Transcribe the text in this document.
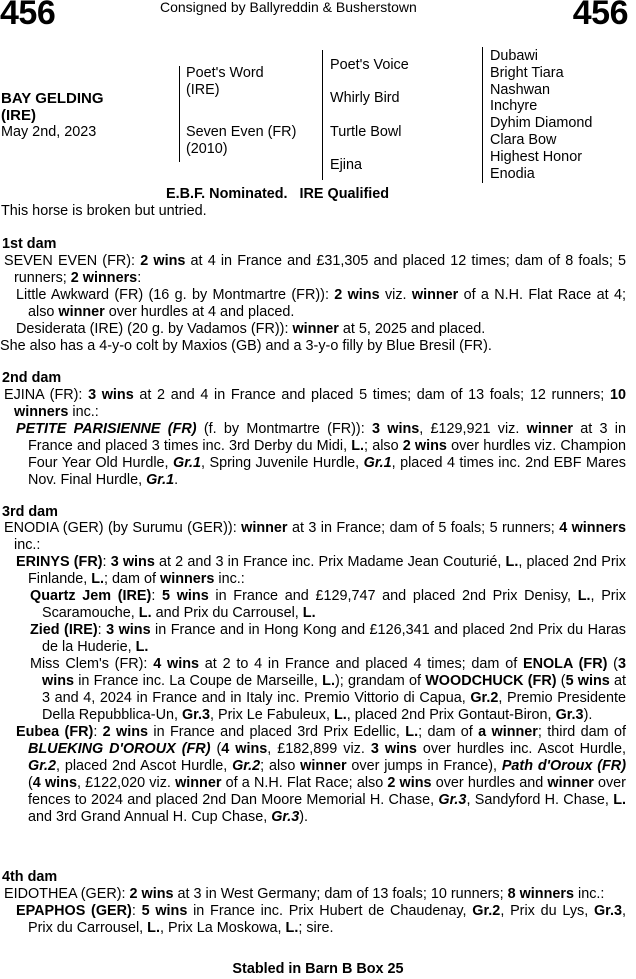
456	Consigned by Ballyreddin & Busherstown	456
BAY GELDING
(IRE)
May 2nd, 2023
Poet's Word
(IRE)
Seven Even (FR)
(2010)
Poet's Voice
Whirly Bird
Turtle Bowl
Ejina
Dubawi
Bright Tiara
Nashwan
Inchyre
Dyhim Diamond
Clara Bow
Highest Honor
Enodia
E.B.F. Nominated.   IRE Qualified
This horse is broken but untried.
1st dam

SEVEN EVEN (FR): 2 wins at 4 in France and £31,305 and placed 12 times; dam of 8 foals; 5 runners; 2 winners:

Little Awkward (FR) (16 g. by Montmartre (FR)): 2 wins viz. winner of a N.H. Flat Race at 4; also winner over hurdles at 4 and placed.

Desiderata (IRE) (20 g. by Vadamos (FR)): winner at 5, 2025 and placed.

She also has a 4-y-o colt by Maxios (GB) and a 3-y-o filly by Blue Bresil (FR).

2nd dam

EJINA (FR): 3 wins at 2 and 4 in France and placed 5 times; dam of 13 foals; 12 runners; 10 winners inc.:

PETITE PARISIENNE (FR) (f. by Montmartre (FR)): 3 wins, £129,921 viz. winner at 3 in France and placed 3 times inc. 3rd Derby du Midi, L.; also 2 wins over hurdles viz. Champion Four Year Old Hurdle, Gr.1, Spring Juvenile Hurdle, Gr.1, placed 4 times inc. 2nd EBF Mares Nov. Final Hurdle, Gr.1.

3rd dam

ENODIA (GER) (by Surumu (GER)): winner at 3 in France; dam of 5 foals; 5 runners; 4 winners inc.:

ERINYS (FR): 3 wins at 2 and 3 in France inc. Prix Madame Jean Couturié, L., placed 2nd Prix Finlande, L.; dam of winners inc.:

Quartz Jem (IRE): 5 wins in France and £129,747 and placed 2nd Prix Denisy, L., Prix Scaramouche, L. and Prix du Carrousel, L.

Zied (IRE): 3 wins in France and in Hong Kong and £126,341 and placed 2nd Prix du Haras de la Huderie, L.

Miss Clem's (FR): 4 wins at 2 to 4 in France and placed 4 times; dam of ENOLA (FR) (3 wins in France inc. La Coupe de Marseille, L.); grandam of WOODCHUCK (FR) (5 wins at 3 and 4, 2024 in France and in Italy inc. Premio Vittorio di Capua, Gr.2, Premio Presidente Della Repubblica-Un, Gr.3, Prix Le Fabuleux, L., placed 2nd Prix Gontaut-Biron, Gr.3).

Eubea (FR): 2 wins in France and placed 3rd Prix Edellic, L.; dam of a winner; third dam of BLUEKING D'OROUX (FR) (4 wins, £182,899 viz. 3 wins over hurdles inc. Ascot Hurdle, Gr.2, placed 2nd Ascot Hurdle, Gr.2; also winner over jumps in France), Path d'Oroux (FR) (4 wins, £122,020 viz. winner of a N.H. Flat Race; also 2 wins over hurdles and winner over fences to 2024 and placed 2nd Dan Moore Memorial H. Chase, Gr.3, Sandyford H. Chase, L. and 3rd Grand Annual H. Cup Chase, Gr.3).

4th dam

EIDOTHEA (GER): 2 wins at 3 in West Germany; dam of 13 foals; 10 runners; 8 winners inc.:

EPAPHOS (GER): 5 wins in France inc. Prix Hubert de Chaudenay, Gr.2, Prix du Lys, Gr.3, Prix du Carrousel, L., Prix La Moskowa, L.; sire.

Stabled in Barn B Box 25
